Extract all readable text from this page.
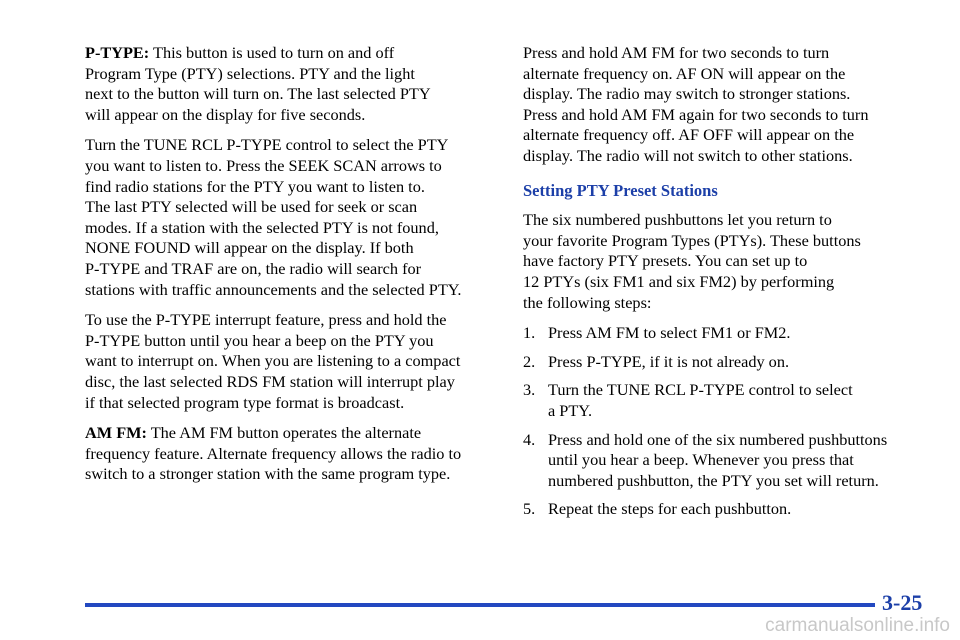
P-TYPE: This button is used to turn on and off
Program Type (PTY) selections. PTY and the light
next to the button will turn on. The last selected PTY
will appear on the display for five seconds.

Turn the TUNE RCL P-TYPE control to select the PTY
you want to listen to. Press the SEEK SCAN arrows to
find radio stations for the PTY you want to listen to.
The last PTY selected will be used for seek or scan
modes. If a station with the selected PTY is not found,
NONE FOUND will appear on the display. If both
P-TYPE and TRAF are on, the radio will search for
stations with traffic announcements and the selected PTY.

To use the P-TYPE interrupt feature, press and hold the
P-TYPE button until you hear a beep on the PTY you
want to interrupt on. When you are listening to a compact
disc, the last selected RDS FM station will interrupt play
if that selected program type format is broadcast.

AM FM: The AM FM button operates the alternate
frequency feature. Alternate frequency allows the radio to
switch to a stronger station with the same program type.

Press and hold AM FM for two seconds to turn
alternate frequency on. AF ON will appear on the
display. The radio may switch to stronger stations.
Press and hold AM FM again for two seconds to turn
alternate frequency off. AF OFF will appear on the
display. The radio will not switch to other stations.

Setting PTY Preset Stations

The six numbered pushbuttons let you return to
your favorite Program Types (PTYs). These buttons
have factory PTY presets. You can set up to
12 PTYs (six FM1 and six FM2) by performing
the following steps:

1. Press AM FM to select FM1 or FM2.
2. Press P-TYPE, if it is not already on.
3. Turn the TUNE RCL P-TYPE control to select
a PTY.
4. Press and hold one of the six numbered pushbuttons
until you hear a beep. Whenever you press that
numbered pushbutton, the PTY you set will return.
5. Repeat the steps for each pushbutton.
3-25
carmanualsonline.info
